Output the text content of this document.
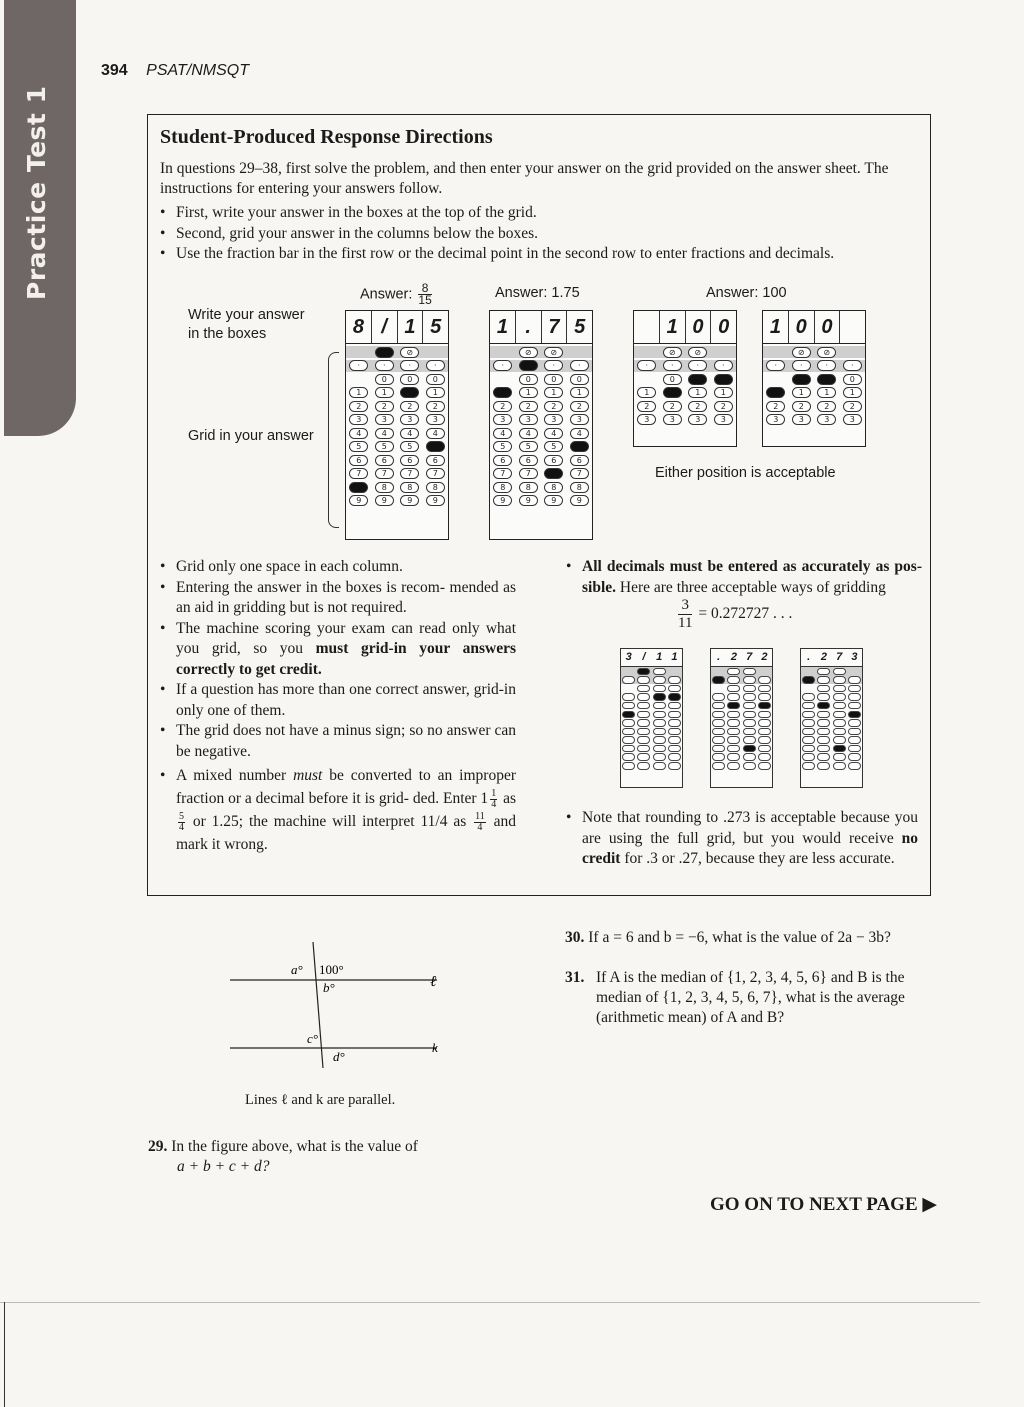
Practice Test 1
394 PSAT/NMSQT
Student-Produced Response Directions
In questions 29–38, first solve the problem, and then enter your answer on the grid provided on the answer sheet. The instructions for entering your answers follow.
• First, write your answer in the boxes at the top of the grid.
• Second, grid your answer in the columns below the boxes.
• Use the fraction bar in the first row or the decimal point in the second row to enter fractions and decimals.
Answer: $\frac{8}{15}$	Answer: 1.75	Answer: 100
Write your answer
in the boxes
Grid in your answer
8 / 1 5
⊘	⊘
·	·	·	·
0	0	0
1	1	1	1
2	2	2	2
3	3	3	3
4	4	4	4
5	5	5	5
6	6	6	6
7	7	7	7
8	8	8	8
9	9	9	9
1 . 7 5
⊘	⊘
·	·	·	·
0	0	0
1	1	1	1
2	2	2	2
3	3	3	3
4	4	4	4
5	5	5	5
6	6	6	6
7	7	7	7
8	8	8	8
9	9	9	9
1 0 0
⊘	⊘
·	·	·	·
0	0	0
1	1	1	1
2	2	2	2
3	3	3	3
1 0 0
⊘	⊘
·	·	·	·
0	0	0
1	1	1	1
2	2	2	2
3	3	3	3
Either position is acceptable
• Grid only one space in each column.
• Entering the answer in the boxes is recom- mended as an aid in gridding but is not required.
• The machine scoring your exam can read only what you grid, so you must grid-in your answers correctly to get credit.
• If a question has more than one correct answer, grid-in only one of them.
• The grid does not have a minus sign; so no answer can be negative.
• A mixed number must be converted to an improper fraction or a decimal before it is grid- ded. Enter $1 \frac{1}{4}$ as
$\frac{5}{4}$ or 1.25; the machine will interpret 11/4 as $\frac{11}{4}$ and mark it wrong.
• All decimals must be entered as accurately as pos- sible. Here are three acceptable ways of gridding
$\frac{3}{11} = 0.272727$ . . .
3 / 1 1	. 2 7 2	. 2 7 3
• Note that rounding to .273 is acceptable because you are using the full grid, but you would receive no credit for .3 or .27, because they are less accurate.
a° 100°
b°
c°
d°
ℓ
k
Lines ℓ and k are parallel.
29. In the figure above, what is the value of
a + b + c + d?
30. If a = 6 and b = −6, what is the value of 2a − 3b?
31. If A is the median of {1, 2, 3, 4, 5, 6} and B is the median of {1, 2, 3, 4, 5, 6, 7}, what is the average (arithmetic mean) of A and B?
GO ON TO NEXT PAGE ▶
